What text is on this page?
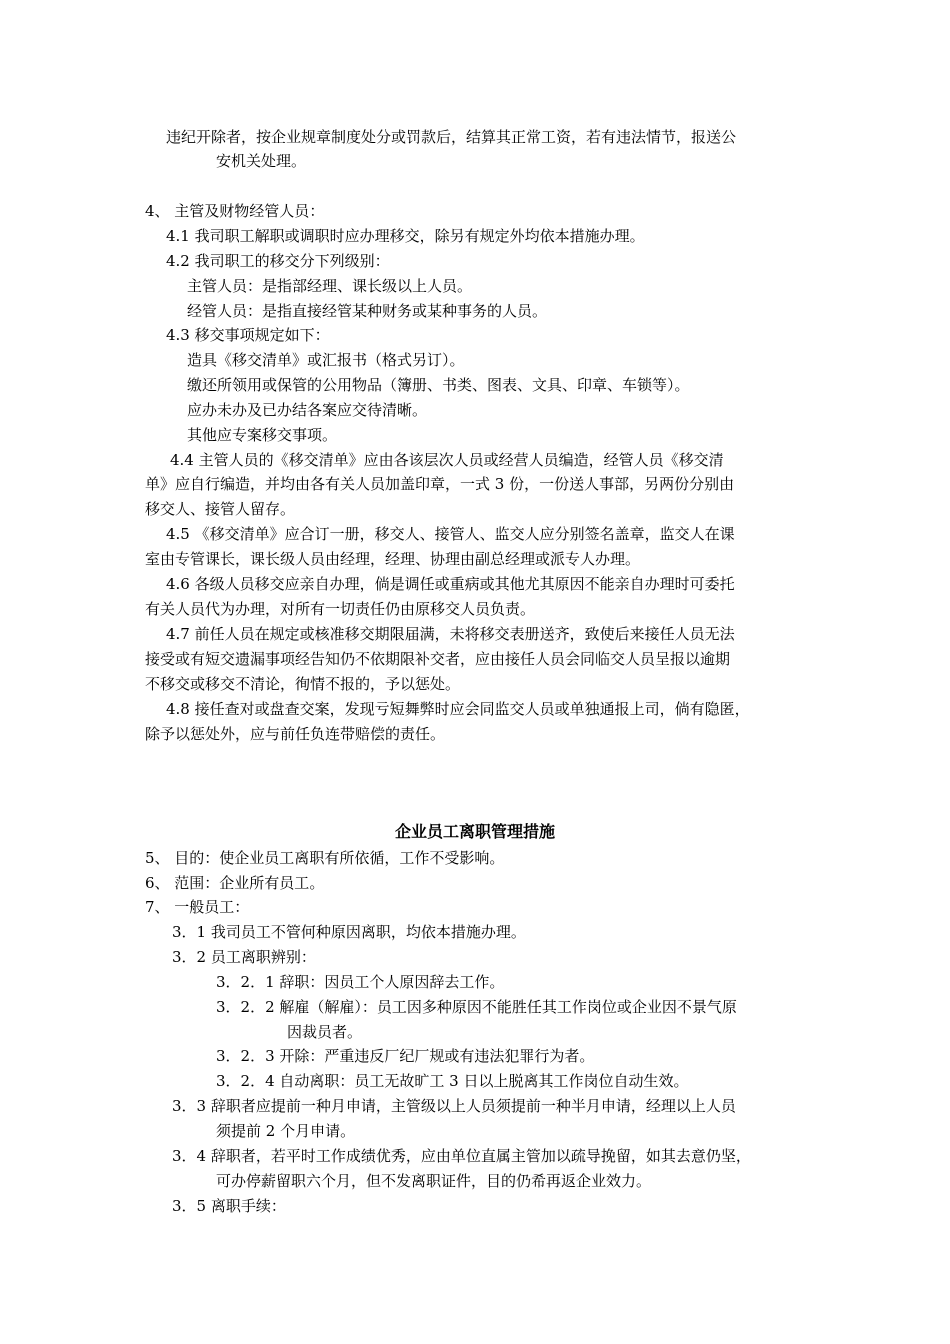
违纪开除者，按企业规章制度处分或罚款后，结算其正常工资，若有违法情节，报送公
安机关处理。
4、 主管及财物经管人员：
4.1 我司职工解职或调职时应办理移交，除另有规定外均依本措施办理。
4.2 我司职工的移交分下列级别：
主管人员：是指部经理、课长级以上人员。
经管人员：是指直接经管某种财务或某种事务的人员。
4.3 移交事项规定如下：
造具《移交清单》或汇报书（格式另订）。
缴还所领用或保管的公用物品（簿册、书类、图表、文具、印章、车锁等）。
应办未办及已办结各案应交待清晰。
其他应专案移交事项。
4.4 主管人员的《移交清单》应由各该层次人员或经营人员编造，经管人员《移交清
单》应自行编造，并均由各有关人员加盖印章，一式 3 份，一份送人事部，另两份分别由
移交人、接管人留存。
4.5 《移交清单》应合订一册，移交人、接管人、监交人应分别签名盖章，监交人在课
室由专管课长，课长级人员由经理，经理、协理由副总经理或派专人办理。
4.6 各级人员移交应亲自办理，倘是调任或重病或其他尤其原因不能亲自办理时可委托
有关人员代为办理，对所有一切责任仍由原移交人员负责。
4.7 前任人员在规定或核准移交期限届满，未将移交表册送齐，致使后来接任人员无法
接受或有短交遗漏事项经告知仍不依期限补交者，应由接任人员会同临交人员呈报以逾期
不移交或移交不清论，徇情不报的，予以惩处。
4.8 接任查对或盘查交案，发现亏短舞弊时应会同监交人员或单独通报上司，倘有隐匿，
除予以惩处外，应与前任负连带赔偿的责任。
企业员工离职管理措施
5、 目的：使企业员工离职有所依循，工作不受影响。
6、 范围：企业所有员工。
7、 一般员工：
3．1 我司员工不管何种原因离职，均依本措施办理。
3．2 员工离职辨别：
3．2．1 辞职：因员工个人原因辞去工作。
3．2．2 解雇（解雇）：员工因多种原因不能胜任其工作岗位或企业因不景气原
因裁员者。
3．2．3 开除：严重违反厂纪厂规或有违法犯罪行为者。
3．2．4 自动离职：员工无故旷工 3 日以上脱离其工作岗位自动生效。
3．3 辞职者应提前一种月申请，主管级以上人员须提前一种半月申请，经理以上人员
须提前 2 个月申请。
3．4 辞职者，若平时工作成绩优秀，应由单位直属主管加以疏导挽留，如其去意仍坚，
可办停薪留职六个月，但不发离职证件，目的仍希再返企业效力。
3．5 离职手续：
